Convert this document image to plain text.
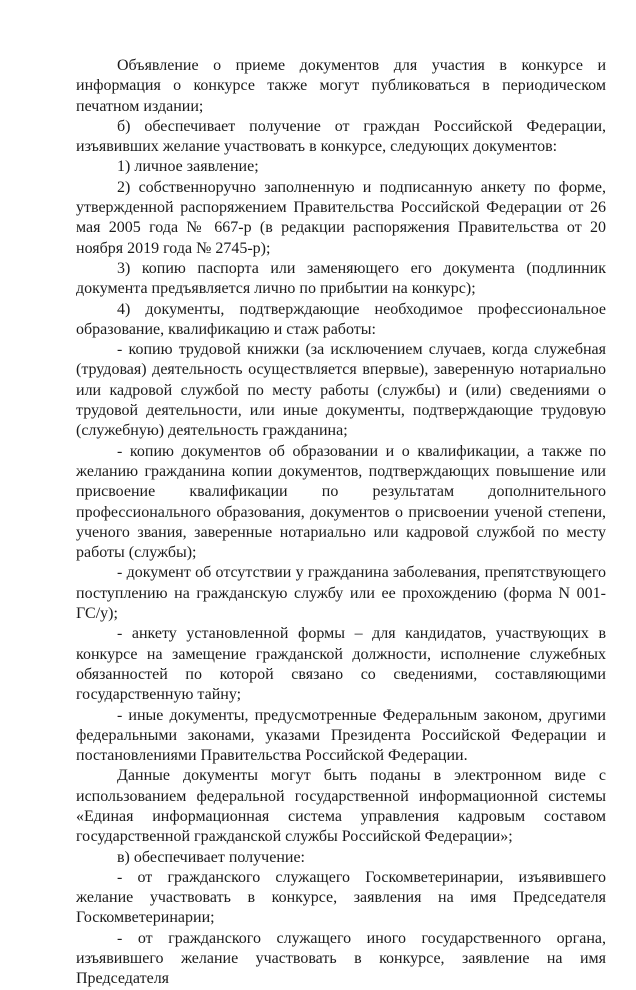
Объявление о приеме документов для участия в конкурсе и информация о конкурсе также могут публиковаться в периодическом печатном издании;

б) обеспечивает получение от граждан Российской Федерации, изъявивших желание участвовать в конкурсе, следующих документов:

1) личное заявление;

2) собственноручно заполненную и подписанную анкету по форме, утвержденной распоряжением Правительства Российской Федерации от 26 мая 2005 года № 667-р (в редакции распоряжения Правительства от 20 ноября 2019 года № 2745-р);

3) копию паспорта или заменяющего его документа (подлинник документа предъявляется лично по прибытии на конкурс);

4) документы, подтверждающие необходимое профессиональное образование, квалификацию и стаж работы:

- копию трудовой книжки (за исключением случаев, когда служебная (трудовая) деятельность осуществляется впервые), заверенную нотариально или кадровой службой по месту работы (службы) и (или) сведениями о трудовой деятельности, или иные документы, подтверждающие трудовую (служебную) деятельность гражданина;

- копию документов об образовании и о квалификации, а также по желанию гражданина копии документов, подтверждающих повышение или присвоение квалификации по результатам дополнительного профессионального образования, документов о присвоении ученой степени, ученого звания, заверенные нотариально или кадровой службой по месту работы (службы);

- документ об отсутствии у гражданина заболевания, препятствующего поступлению на гражданскую службу или ее прохождению (форма N 001-ГС/у);

- анкету установленной формы – для кандидатов, участвующих в конкурсе на замещение гражданской должности, исполнение служебных обязанностей по которой связано со сведениями, составляющими государственную тайну;

- иные документы, предусмотренные Федеральным законом, другими федеральными законами, указами Президента Российской Федерации и постановлениями Правительства Российской Федерации.

Данные документы могут быть поданы в электронном виде с использованием федеральной государственной информационной системы «Единая информационная система управления кадровым составом государственной гражданской службы Российской Федерации»;

в) обеспечивает получение:

- от гражданского служащего Госкомветеринарии, изъявившего желание участвовать в конкурсе, заявления на имя Председателя Госкомветеринарии;

- от гражданского служащего иного государственного органа, изъявившего желание участвовать в конкурсе, заявление на имя Председателя
